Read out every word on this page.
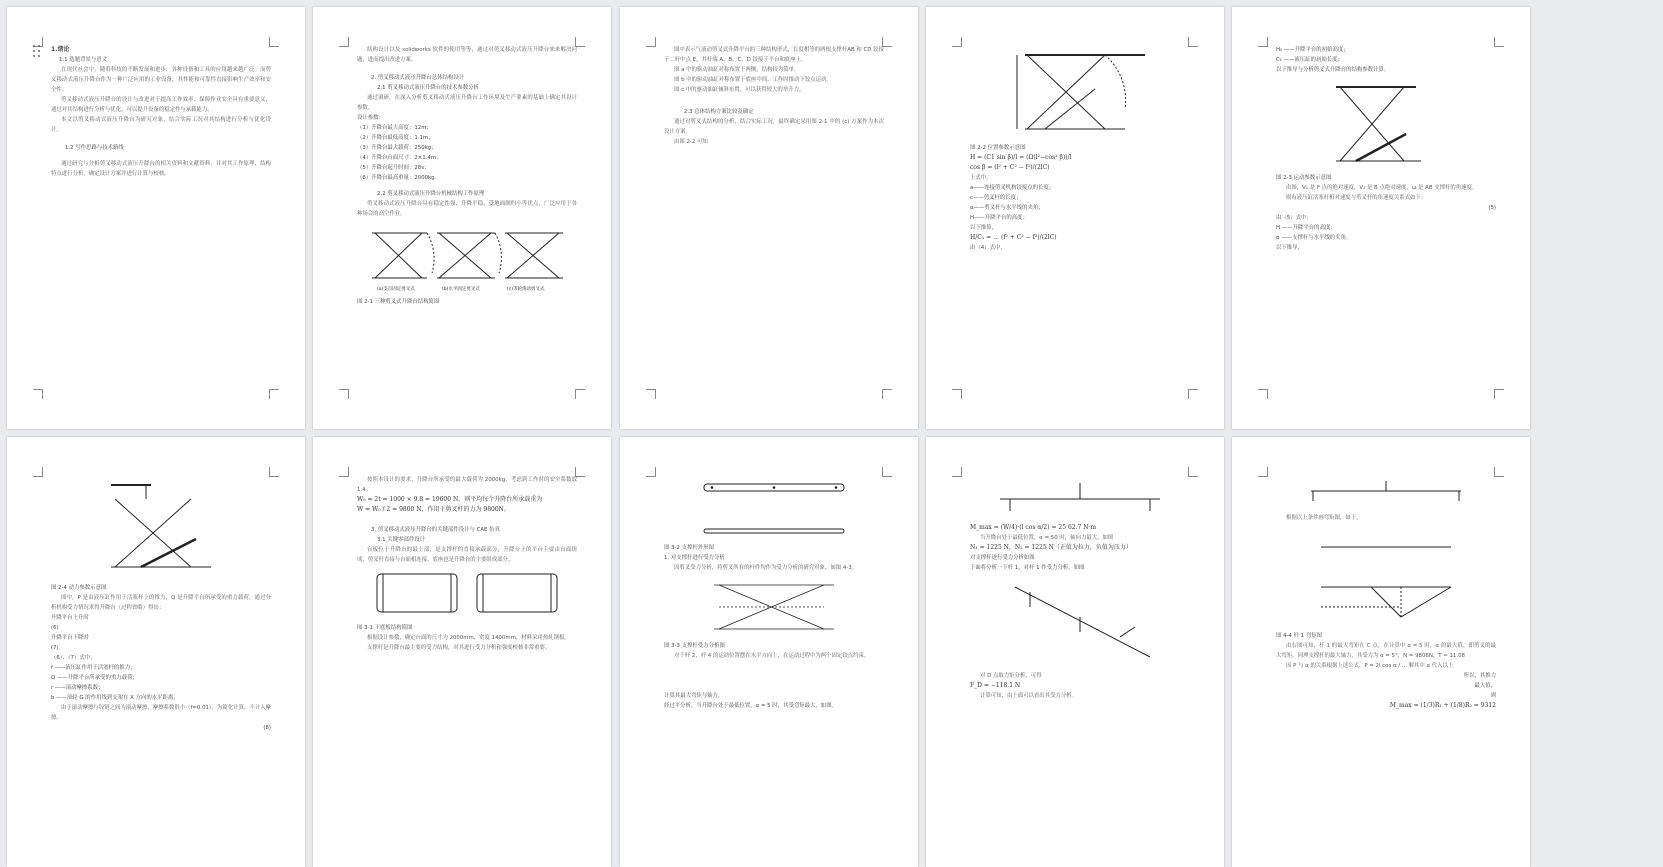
1.绪论

1.1 选题背景与意义

在现代社会中，随着科技的不断发展和进步，各种设备和工具的应用越来越广泛。而剪叉移动式液压升降台作为一种广泛应用的工业设备，其性能和可靠性直接影响生产效率和安全性。

剪叉移动式液压升降台的设计与改进对于提高工作效率、保障作业安全具有重要意义，通过对其结构进行分析与优化，可以提升设备的稳定性与承载能力。

本文以剪叉移动式液压升降台为研究对象，结合实际工况对其结构进行分析与优化设计。

1.2 写作思路与技术路线

通过研究与分析剪叉移动式液压升降台的相关资料和文献资料，并对其工作原理、结构特点进行分析，确定设计方案并进行计算与校核。

结构设计以及 solidworks 软件的使用等等，通过对剪叉移动式液压升降台来来解决问题，进而提出改进方案。

2. 剪叉移动式液压升降台总体结构设计

2.1 剪叉移动式液压升降台的技术参数分析

通过调研，在深入分析剪叉移动式液压升降台工作环境及生产要素的基础上确定其设计参数。

设计参数：

（1）升降台最大高度：12m；

（2）升降台最低高度：1.1m；

（3）升降台最大载荷：250kg；

（4）升降台台面尺寸：2×1.4m；

（5）升降台起升时间：28s；

（6）升降台最高重量：2000kg。

2.2 剪叉移动式液压升降台机械结构工作原理

剪叉移动式液压升降台具有稳定性强、升降平稳、受地面制约小等优点，广泛应用于各种场合的高空作业。

(a)支点固定剪叉式	(b)水平固定剪叉式	(c)等轮滑动剪叉式

图 2-1 三种剪叉式升降台结构简图

图中表示气液动剪叉式升降平台的三种结构形式，长度相等的两根支撑杆AB 和 CD 铰接于二杆中点 E，其杆端 A、B、C、D 铰接于平台和底座上。

图 a 中的驱动油缸对称布置于两侧，结构较为简单。

图 b 中的驱动油缸对称布置于底座中间，工作时推动下铰点运动。

图 c 中的驱动油缸倾斜布置，可以获得较大的举升力。

2.3 总体结构方案比较及确定

通过对剪叉式结构的分析，结合实际工况，最终确定采用图 2-1 中的 (c) 方案作为本次设计方案。

由图 2-2 可知

图 2-2 位置参数示意图

H = (C1 sin β)/l = (Ω(l²−cos² β))/l

cos β = (l² + C² − f²)/(2lC)

上式中，

a——连接剪叉机构铰接点的长度；

c——剪叉杆的长度；

α——剪叉杆与水平线的夹角；

H——升降平台的高度；

以下推算，

H/C₁ = … (f² + C² − f²)/(2lC)

由（4）式中，

H₀ ——升降平台的初始高度；

C₁ ——液压缸的初始长度；

以下推导与分析剪叉式升降台的结构参数计算。

图 2-3 运动参数示意图

由图，V₁ 是 F 点的绝对速度，V₂ 是 B 点绝对速度，ω 是 AB 支撑杆的角速度。

则有液压缸活塞杆相对速度与剪叉杆的角速度关系式如下：

(5)

由（5）式中：

H ——升降平台的高度；

α ——支撑杆与水平线的夹角。

以下推导，

图 2-4 动力参数示意图

图中，P 是由液压缸作用于活塞杆上的推力，Q 是升降平台所承受的重力载荷，通过分析机构受力情况求得升降台（过程省略）得出：

升降平台上升时

(6)

升降平台下降时

(7)

（6）、（7）式中，

f ——液压缸作用于活塞杆的推力；

Q ——升降平台所承受的重力载荷；

r ——滚动摩擦系数；

b ——滚轮 G 的作用线到支架在 X 方向的水平距离。

由于滚动摩擦与铰链之间为滚动摩擦，摩擦系数很小（f=0.01），为简化计算，不计入摩擦。

(8)

按照本设计的要求，升降台所承受的最大载荷为 2000kg，考虑到工作时的安全系数取 1.4。

W₀ = 2t = 1000 × 9.8 = 19600 N，则平均每个升降台所承载重为

W = W₀ / 2 = 9800 N，作用于剪叉杆的力为 9800N。

3. 剪叉移动式液压升降台的关键部件设计与 CAE 仿真

3.1 关键零部件设计

台板位于升降台的最上部，是支撑杆的直接承载部分，升降台上的平台主要由台面组成，剪叉杆直接与台面相连接，底座也是升降台的主要组成部分。

图 3-1 下底板结构简图

根据设计参数，确定台面的尺寸为 2000mm，宽度 1400mm，材料采用热轧钢板。

支撑杆是升降台最主要的受力结构，对其进行受力分析和强度校核非常重要。

图 3-2 支撑杆外形图

1. 对支撑杆进行受力分析

因剪叉受力分析，将剪叉所有的杆件均作为受力分析的研究对象，如图 4-3。

图 3-3 支撑杆受力分析图

对于杆 2、杆 4 的运动位置摆在水平方向上，在运动过程中为两个固定铰点约束。

计算其最大弯矩与轴力。

经过平分析，当升降台处于最低位置，α = 5 时，其受弯矩最大，如图。

M_max = (W/4)·(l cos α/2) = 25 62.7 N·m

当升降台处于最低位置，α = 50 时，轴向力最大，如图

N₁ = 1225 N，N₂ = 1225 N（正值为拉力，负值为压力）

对支撑杆进行受力分析如图

下面将分析一下杆 1，对杆 1 作受力分析，如图

对 D 点取力矩分析，可得

F_D = −118.1 N

计算可知，由上面可以看出其受力分析。

根据以上条件画弯矩图，如下。

图 4-4 杆 1 弯矩图

由右图可知，杆 1 的最大弯矩在 C 点，在计算中 α = 5 时，α 的最大值，即剪叉的最大弯矩，同理支撑杆的最大轴力，其受力为 α = 5°，N = 9806N，T = 11.08

因 P 与 α 的关系根据上述公式，P = 2l cos α / ... 解其中 α 代入以上

所以，其推力

最大值，

则

M_max = (1/3)R₁ + (1/8)R₂ = 9312
